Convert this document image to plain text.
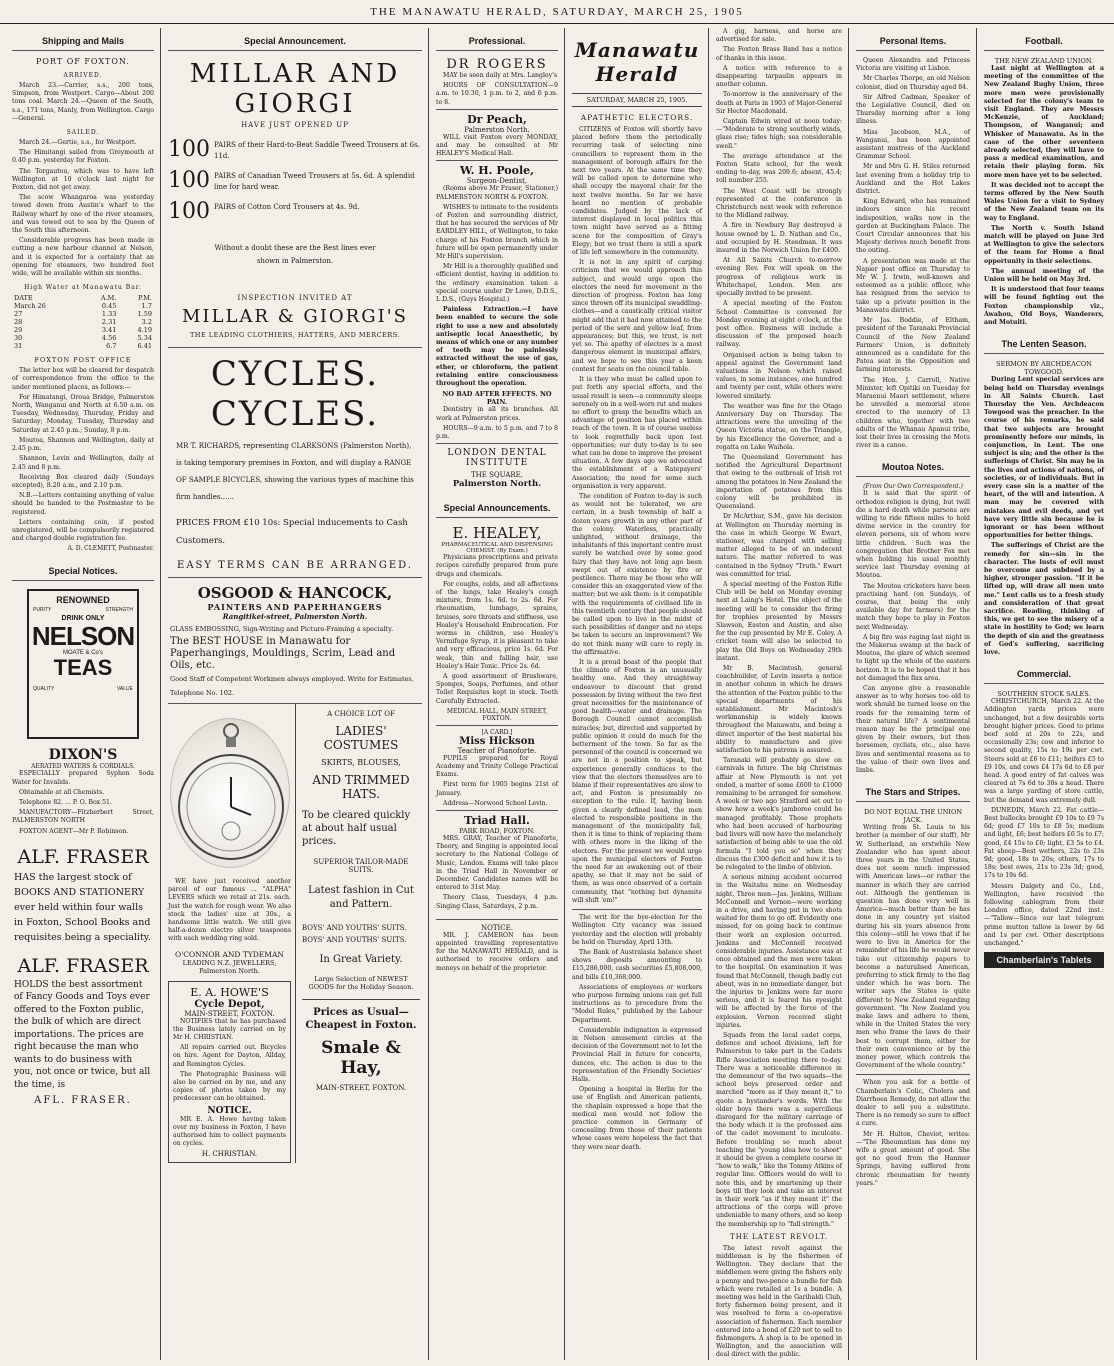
THE MANAWATU HERALD, SATURDAY, MARCH 25, 1905
Shipping and Mails
PORT OF FOXTON.
ARRIVED.

March 23.—Carrier, s.s., 200 tons, Simpson, from Westport. Cargo—About 200 tons coal. March 24.—Queen of the South, s.s., 171 tons, Manly, from Wellington. Cargo—General.

SAILED.

March 24.—Gertie, s.s., for Westport.

The Himitangi sailed from Greymouth at 0.40 p.m. yesterday for Foxton.

The Torgautou, which was to have left Wellington at 10 o'clock last night for Foxton, did not get away.

The scow Whangaroa was yesterday towed down from Austin's wharf to the Railway wharf by one of the river steamers, and was towed out to sea by the Queen of the South this afternoon.

Considerable progress has been made in cutting a new harbour channel at Nelson, and it is expected for a certainty that an opening for steamers, two hundred feet wide, will be available within six months.

High Water at Manawatu Bar.
DATE	A.M.	P.M.
March 26	0.45	1.7
27	1.33	1.59
28	2.31	3.2
29	3.41	4.19
30	4.56	5.34
31	6.7	6.41
FOXTON POST OFFICE

The letter box will be cleared for despatch of correspondence from the office to the under mentioned places, as follows:—

For Himatangi, Oroua Bridge, Palmerston North, Wanganui and North at 6.50 a.m. on Tuesday, Wednesday, Thursday, Friday and Saturday; Monday, Tuesday, Thursday and Saturday at 2.45 p.m.; Sunday, 8 p.m.

Moutoa, Shannon and Wellington, daily at 2.45 p.m.

Shannon, Levin and Wellington, daily at 2.45 and 8 p.m.

Receiving Box cleared daily (Sundays excepted), 8.20 a.m., and 2.10 p.m.

N.B.—Letters containing anything of value should be handed to the Postmaster to be registered.

Letters containing coin, if posted unregistered, will be compulsorily registered and charged double registration fee.

A. D. CLEMETT, Postmaster.
Special Notices.
RENOWNED
PURITY	STRENGTH
DRINK ONLY
NELSON
MOATE & Co's
TEAS
QUALITY	VALUE
DIXON'S
AERATED WATERS & CORDIALS.

ESPECIALLY prepared Syphon Soda Water for Invalids.

Obtainable at all Chemists.

Telephone 82. ... P. O. Box 51.

MANUFACTORY—Fitzherbert Street, PALMERSTON NORTH

FOXTON AGENT—Mr P. Robinson.

ALF. FRASER
HAS the largest stock of BOOKS AND STATIONERY ever held within four walls in Foxton, School Books and requisites being a speciality.
ALF. FRASER
HOLDS the best assortment of Fancy Goods and Toys ever offered to the Foxton public, the bulk of which are direct importations. The prices are right because the man who wants to do business with you, not once or twice, but all the time, is
AFL. FRASER.
Special Announcement.
MILLAR AND GIORGI
HAVE JUST OPENED UP
100 PAIRS of their Hard-to-Beat Saddle Tweed Trousers at 6s. 11d.
100 PAIRS of Canadian Tweed Trousers at 5s. 6d. A splendid line for hard wear.
100 PAIRS of Cotton Cord Trousers at 4s. 9d.
Without a doubt these are the Best lines ever shown in Palmerston.
INSPECTION INVITED AT
MILLAR & GIORGI'S
THE LEADING CLOTHIERS, HATTERS, AND MERCERS.
CYCLES. CYCLES.
MR T. RICHARDS, representing CLARKSONS (Palmerston North), is taking temporary premises in Foxton, and will display a RANGE OF SAMPLE BICYCLES, showing the various types of machine this firm handles......
PRICES FROM £10 10s: Special inducements to Cash Customers.
EASY TERMS CAN BE ARRANGED.
OSGOOD & HANCOCK,
PAINTERS AND PAPERHANGERS
Rangitikei-street, Palmerston North.
GLASS EMBOSSING, Sign-Writing and Picture-Framing a specialty.
The BEST HOUSE in Manawatu for Paperhangings, Mouldings, Scrim, Lead and Oils, etc.
Good Staff of Competent Workmen always employed. Write for Estimates.
Telephone No. 102.

WE have just received another parcel of our famous ... "ALPHA" LEVERS which we retail at 21s. each. Just the watch for rough wear. We also stock the ladies' size at 30s., a handsome little watch. We still give half-a-dozen electro silver teaspoons with each wedding ring sold.

O'CONNOR AND TYDEMAN
LEADING N.Z. JEWELLERS, Palmerston North.
E. A. HOWE'S
Cycle Depot,
MAIN-STREET, FOXTON.

NOTIFIES that he has purchased the Business lately carried on by Mr H. CHRISTIAN.

All repairs carried out. Bicycles on hire. Agent for Dayton, Allday, and Remington Cycles.

The Photographic Business will also be carried on by me, and any copies of photos taken by my predecessor can be obtained.

NOTICE.

MR E. A. Howe having taken over my business in Foxton, I have authorised him to collect payments on cycles.

H. CHRISTIAN.
A CHOICE LOT OF
LADIES' COSTUMES
SKIRTS, BLOUSES,
AND TRIMMED HATS.
To be cleared quickly at about half usual prices.
SUPERIOR TAILOR-MADE SUITS.
Latest fashion in Cut and Pattern.
BOYS' AND YOUTHS' SUITS.
BOYS' AND YOUTHS' SUITS.
In Great Variety.
Large Selection of NEWEST GOODS for the Holiday Season.
Prices as Usual— Cheapest in Foxton.
Smale & Hay,
MAIN-STREET, FOXTON.
Professional.
DR ROGERS

MAY be seen daily at Mrs. Langley's

HOURS OF CONSULTATION—9 a.m. to 10.30, 1 p.m. to 2, and 6 p.m. to 8.

Dr Peach,
Palmerston North.

WILL visit Foxton every MONDAY, and may be consulted at Mr HEALEY'S Medical Hall.

W. H. Poole,
Surgeon-Dentist,

(Rooms above Mr Fraser, Stationer,) PALMERSTON NORTH & FOXTON.

WISHES to intimate to the residents of Foxton and surrounding district, that he has secured the services of Mr EARDLEY HILL, of Wellington, to take charge of his Foxton branch which in future will be open permanently under Mr Hill's supervision.

Mr Hill is a thoroughly qualified and efficient dentist, having in addition to the ordinary examination taken a special course under Dr Lowe, D.D.S., L.D.S., (Guys Hospital.)

Painless Extraction.—I have been enabled to secure the sole right to use a new and absolutely antiseptic local Anaesthetic, by means of which one or any number of teeth may be painlessly extracted without the use of gas, ether, or chloroform, the patient retaining entire consciousness throughout the operation.

NO BAD AFTER EFFECTS. NO PAIN.

Dentistry in all its branches. All work at Palmerston prices.

HOURS—9 a.m. to 5 p.m. and 7 to 8 p.m.

LONDON DENTAL INSTITUTE
THE SQUARE,
Palmerston North.
Special Announcements.
E. HEALEY,
PHARMACEUTICAL AND DISPENSING CHEMIST. (By Exam.)

Physicians prescriptions and private recipes carefully prepared from pure drugs and chemicals.

For coughs, colds, and all affections of the lungs, take Healey's cough mixture, from 1s. 6d. to 2s. 6d. For rheumatism, lumbago, sprains, bruises, sore throats and stiffness, use Healey's Household Embrocation. For worms in children, use Healey's Vermifuge Syrup, it is pleasant to take and very efficacious, price 1s. 6d. For weak, thin and falling hair, use Healey's Hair Tonic. Price 2s. 6d.

A good assortment of Brushware, Sponges, Soaps, Perfumes, and other Toilet Requisites kept in stock. Teeth Carefully Extracted.

MEDICAL HALL, MAIN STREET, FOXTON.
[A CARD.]
Miss Hickson
Teacher of Pianoforte.

PUPILS prepared for Royal Academy and Trinity College Practical Exams.

First term for 1905 begins 21st of January.

Address—Norwood School Levin.

Triad Hall.
PARK ROAD, FOXTON.

MRS. GRAY, Teacher of Pianoforte, Theory, and Singing is appointed local secretary to the National College of Music, London. Exams will take place in the Triad Hall in November or December. Candidates names will be entered to 31st May.

Theory Class, Tuesdays, 4 p.m. Singing Class, Saturdays, 2 p.m.

NOTICE.

MR. J. CAMERON has been appointed travelling representative for the MANAWATU HERALD, and is authorised to receive orders and moneys on behalf of the proprietor.

Manawatu Herald
SATURDAY, MARCH 25, 1905.
APATHETIC ELECTORS.

CITIZENS of Foxton will shortly have placed before them the periodically recurring task of selecting nine councillors to represent them in the management of borough affairs for the next two years. At the same time they will be called upon to determine who shall occupy the mayoral chair for the next twelve months. So far we have heard no mention of probable candidates. Judged by the lack of interest displayed in local politics this town might have served as a fitting scene for the composition of Gray's Elegy; but we trust there is still a spark of life left somewhere in the community.

It is not in any spirit of carping criticism that we would approach this subject, and would urge upon the electors the need for movement in the direction of progress. Foxton has long since thrown off its municipal swaddling-clothes—and a caustically critical visitor might add that it had now attained to the period of the sere and yellow leaf, from appearances; but this, we trust, is not yet so. The apathy of electors is a most dangerous element in municipal affairs, and we hope to see this year a keen contest for seats on the council table.

It is they who must be called upon to put forth any special efforts, and the usual result is seen—a community sleeps serenely on in a well-worn rut and makes no effort to grasp the benefits which an advantage of position has placed within reach of the town. It is of course useless to look regretfully back upon lost opportunities; our duty to-day is to see what can be done to improve the present situation. A few days ago we advocated the establishment of a Ratepayers' Association; the need for some such organisation is very apparent.

The condition of Foxton to-day is such as would not be tolerated, we are certain, in a bush township of half a dozen years growth in any other part of the colony. Waterless, practically unlighted, without drainage, the inhabitants of this important centre must surely be watched over by some good fairy that they have not long ago been swept out of existence by fire or pestilence. There may be those who will consider this an exaggerated view of the matter; but we ask them: is it compatible with the requirements of civilised life in this twentieth century that people should be called upon to live in the midst of such possibilities of danger and no steps be taken to secure an improvement? We do not think many will care to reply in the affirmative.

It is a proud boast of the people that the climate of Foxton is an unusually healthy one. And they straightway endeavour to discount that grand possession by living without the two first great necessities for the maintenance of good health—water and drainage. The Borough Council cannot accomplish miracles; but, directed and supported by public opinion it could do much for the betterment of the town. So far as the personnel of the council is concerned we are not in a position to speak, but experience generally conduces to the view that the electors themselves are to blame if their representatives are slow to act, and Foxton is presumably no exception to the rule. If, having been given a clearly defined lead, the men elected to responsible positions in the management of the municipality fail, then it is time to think of replacing them with others more in the liking of the electors. For the present we would urge upon the municipal electors of Foxton the need for an awakening out of their apathy, so that it may not be said of them, as was once observed of a certain community, that "nothing but dynamite will shift 'em!"

The writ for the bye-election for the Wellington City vacancy was issued yesterday and the election will probably be held on Thursday, April 13th.

The Bank of Australasia balance sheet shows deposits amounting to £15,286,000, cash securities £5,808,000, and bills £10,368,000.

Associations of employees or workers who purpose forming unions can get full instructions as to procedure from the "Model Rules," published by the Labour Department.

Considerable indignation is expressed in Nelson amusement circles at the decision of the Government not to let the Provincial Hall in future for concerts, dances, etc. The action is due to the representation of the Friendly Societies' Halls.

Opening a hospital in Berlin for the use of English and American patients, the chaplain expressed a hope that the medical men would not follow the practice common in Germany of concealing from those of their patients whose cases were hopeless the fact that they were near death.

A gig, harness, and horse are advertised for sale.

The Foxton Brass Band has a notice of thanks in this issue.

A notice with reference to a disappearing tarpaulin appears in another column.

To-morrow is the anniversary of the death at Paris in 1903 of Major-General Sir Hector Macdonald.

Captain Edwin wired at noon today:—"Moderate to strong southerly winds, glass rise; tides high; sea considerable swell."

The average attendance at the Foxton State school, for the week ending to-day, was 209.6; absent, 45.4; roll number 255.

The West Coast will be strongly represented at the conference in Christchurch next week with reference to the Midland railway.

A fire in Newbury Bay destroyed a house owned by L. D. Nathan and Co., and occupied by H. Steedman. It was insured in the Norwich Union for £400.

At All Saints Church to-morrow evening Rev. Fox will speak on the progress of religious work in Whitechapel, London. Men are specially invited to be present.

A special meeting of the Foxton School Committee is convened for Monday evening at eight o'clock, at the post office. Business will include a discussion of the proposed beach railway.

Organised action is being taken to appeal against the Government land valuations in Nelson which raised values, in some instances, one hundred and twenty per cent, while others were lowered similarly.

The weather was fine for the Otago Anniversary Day on Thursday. The attractions were the unveiling of the Queen Victoria statue, on the Triangle, by his Excellency the Governor, and a regatta on Lake Waihola.

The Queensland Government has notified the Agricultural Department that owing to the outbreak of Irish rot among the potatoes in New Zealand the importation of potatoes from this colony will be prohibited in Queensland.

Dr McArthur, S.M., gave his decision at Wellington on Thursday morning in the case in which George W. Ewart, stationer, was charged with selling matter alleged to be of an indecent nature. The matter referred to was contained in the Sydney "Truth." Ewart was committed for trial.

A special meeting of the Foxton Rifle Club will be held on Monday evening next at Laing's Hotel. The object of the meeting will be to consider the firing for trophies presented by Messrs Slawson, Easton and Austin, and also for the cup presented by Mr E. Coley. A cricket team will also be selected to play the Old Boys on Wednesday 29th instant.

Mr B. Macintosh, general coachbuilder, of Levin inserts a notice in another column in which he draws the attention of the Foxton public to the special departments of his establishment. Mr Macintosh's workmanship is widely known throughout the Manawatu, and being a direct importer of the best material his ability to manufacture and give satisfaction to his patrons is assured.

Taranaki will probably go slow on carnivals in future. The big Christmas affair at New Plymouth is not yet ended, a matter of some £600 to £1000 remaining to be arranged for somehow. A week or two ago Stratford set out to show how a week's jamboree could be managed profitably. Those prophets who had been accused of harbouring bad livers will now have the melancholy satisfaction of being able to use the old formula "I told you so" when they discuss the £300 deficit and how it is to be relegated to the limbo of oblivion.

A serious mining accident occurred in the Waitahu mine on Wednesday night. Three men—Jas. Jenkins, William McConnell and Vernon—were working in a drive, and having put in two shots waited for them to go off. Evidently one missed, for on going back to continue their work an explosion occurred. Jenkins and McConnell received considerable injuries. Assistance was at once obtained and the men were taken to the hospital. On examination it was found that McConnell, though badly cut about, was in no immediate danger, but the injuries to Jenkins were far more serious, and it is feared his eyesight will be affected by the force of the explosion. Vernon received slight injuries.

Squads from the local cadet corps, defence and school divisions, left for Palmerston to take part in the Cadets Rifle Association meeting there to-day. There was a noticeable difference in the demeanour of the two squads—the school boys preserved order and marched "more as if they meant it," to quote a bystander's words. With the older boys there was a supercilious disregard for the military carriage of the body which it is the professed aim of the cadet movement to inculcate. Before troubling so much about teaching the "young idea how to shoot" it should be given a complete course in "how to walk," like the Tommy Atkins of regular line. Officers would do well to note this, and by smartening up their boys till they look and take an interest in their work "as if they meant it" the attractions of the corps will prove undeniable to many others, and so keep the membership up to "full strength."

THE LATEST REVOLT.

The latest revolt against the middleman is by the fishermen of Wellington. They declare that the middlemen were giving the fishers only a penny and two-pence a bundle for fish which were retailed at 1s a bundle. A meeting was held in the Garibaldi Club, forty fishermen being present, and it was resolved to form a co-operative association of fishermen. Each member entered into a bond of £20 not to sell to fishmongers. A shop is to be opened in Wellington, and the association will deal direct with the public.

Personal Items.

Queen Alexandra and Princess Victoria are visiting at Lisbon.

Mr Charles Thorpe, an old Nelson colonist, died on Thursday aged 84.

Sir Alfred Cadman, Speaker of the Legislative Council, died on Thursday morning after a long illness.

Miss Jacobson, M.A., of Wanganui, has been appointed assistant mistress of the Auckland Grammar School.

Mr and Mrs G. H. Stiles returned last evening from a holiday trip to Auckland and the Hot Lakes district.

King Edward, who has remained indoors since his recent indisposition, walks now in the garden at Buckingham Palace. The Court Circular announces that his Majesty derives much benefit from the outing.

A presentation was made at the Napier post office on Thursday to Mr W. J. Irwin, well-known and esteemed as a public officer, who has resigned from the service to take up a private position in the Manawatu district.

Mr Jas. Boddie, of Eltham, president of the Taranaki Provincial Council of the New Zealand Farmers' Union, is definitely announced as a candidate for the Patea seat in the Opposition and farming interests.

The Hon. J. Carroll, Native Minister, left Opitiki on Tuesday for Maraenui Maori settlement, where he unveiled a memorial stone erected to the memory of 13 children who, together with two adults of the Whanau Apanui tribe, lost their lives in crossing the Motu river in a canoe.

Moutoa Notes.
(From Our Own Correspondent.)

It is said that the spirit of orthodox religion is dying, but twill die a hard death while parsons are willing to ride fifteen miles to hold divine service in the country for eleven persons, six of whom were little children. Such was the congregation that Brother Fox met when holding his usual monthly service last Thursday evening at Moutoa.

The Moutoa cricketers have been practising hard (on Sundays, of course, that being the only available day for farmers) for the match they hope to play in Foxton next Wednesday.

A big fire was raging last night in the Makerua swamp at the back of Moutoa, the glare of which seemed to light up the whole of the eastern horizon. It is to be hoped that it has not damaged the flax area.

Can anyone give a reasonable answer as to why horses too old to work should be turned loose on the roads for the remaining term of their natural life? A sentimental reason may be the principal one given by their owners, but then horsemen, cyclists, etc., also have lives and sentimental reasons as to the value of their own lives and limbs.

The Stars and Stripes.
DO NOT EQUAL THE UNION JACK.

Writing from St. Louis to his brother (a member of our staff), Mr W. Sutherland, an erstwhile New Zealander who has spent about three years in the United States, does not seem much impressed with American laws—or rather the manner in which they are carried out. Although the gentleman in question has done very well in America—much better than he has done in any country yet visited during his six years absence from this colony—still he vows that if he were to live in America for the remainder of his life he would never take out citizenship papers to become a naturalised American, preferring to stick firmly to the flag under which he was born. The writer says the States is quite different to New Zealand regarding government. "In New Zealand you make laws and adhere to them, while in the United States the very men who frame the laws do their best to corrupt them, either for their own convenience or by the money power, which controls the Government of the whole country."

When you ask for a bottle of Chamberlain's Colic, Cholera and Diarrhoea Remedy, do not allow the dealer to sell you a substitute. There is no remedy so sure to effect a cure.

Mr H. Hulton, Cheviot, writes:—"The Rheumatism has done my wife a great amount of good. She got no good from the Hanmer Springs, having suffered from chronic rheumatism for twenty years."

Football.
THE NEW ZEALAND UNION.

Last night at Wellington at a meeting of the committee of the New Zealand Rugby Union, three more men were provisionally selected for the colony's team to visit England. They are Messrs McKenzie, of Auckland; Thompson, of Wanganui; and Whisker of Manawatu. As in the case of the other seventeen already selected, they will have to pass a medical examination, and retain their playing form. Six more men have yet to be selected.

It was decided not to accept the terms offered by the New South Wales Union for a visit to Sydney of the New Zealand team on its way to England.

The North v. South Island match will be played on June 3rd at Wellington to give the selectors of the team for Home a final opportunity in their selections.

The annual meeting of the Union will be held on May 3rd.

It is understood that four teams will be found fighting out the Foxton championship viz., Awahou, Old Boys, Wanderers, and Motuiti.

The Lenten Season.
SERMON BY ARCHDEACON TOWGOOD.

During Lent special services are being held on Thursday evenings in All Saints Church. Last Thursday the Ven. Archdeacon Towgood was the preacher. In the course of his remarks, he said that two subjects are brought prominently before our minds, in conjunction, in Lent. The one subject is sin; and the other is the sufferings of Christ. Sin may be in the lives and actions of nations, of societies, or of individuals. But in every case sin is a matter of the heart, of the will and intention. A man may be covered with mistakes and evil deeds, and yet have very little sin because he is ignorant or has been without opportunities for better things.

The sufferings of Christ are the remedy for sin—sin in the character. The lusts of evil must be overcome and subdued by a higher, stronger passion. "If it be lifted up, will draw all men unto me." Lent calls us to a fresh study and consideration of that great sacrifice. Reading, thinking of this, we get to see the misery of a state in hostility to God; we learn the depth of sin and the greatness of God's suffering, sacrificing love.

Commercial.
SOUTHERN STOCK SALES.

CHRISTCHURCH, March 22. At the Addington yards prices were unchanged, but a few desirable sorts brought higher prices. Good to prime beef sold at 20s to 22s, and occasionally 23s; cow and inferior to second quality, 15s to 19s per cwt. Steers sold at £6 to £11; heifers £5 to £9 10s, and cows £4 17s 6d to £8 per head. A good entry of fat calves was cleared at 7s 6d to 30s a head. There was a large yarding of store cattle, but the demand was extremely dull.

DUNEDIN, March 22. Fat cattle—Best bullocks brought £9 10s to £9 7s 6d; good £7 10s to £8 5s; medium and light, £6; best heifers £6 5s to £7; good, £4 15s to £6; light, £3 5s to £4. Fat sheep—Best wethers, 22s to 23s 9d; good, 18s to 20s; others, 17s to 18s; best ewes, 21s to 23s 3d; good, 17s to 19s 6d.

Messrs Dalgety and Co., Ltd., Wellington, have received the following cablegram from their London office, dated 22nd inst.:—"Tallow—Since our last telegram prime mutton tallow is lower by 6d and 1s per cwt. Other descriptions unchanged."

Chamberlain's Tablets
